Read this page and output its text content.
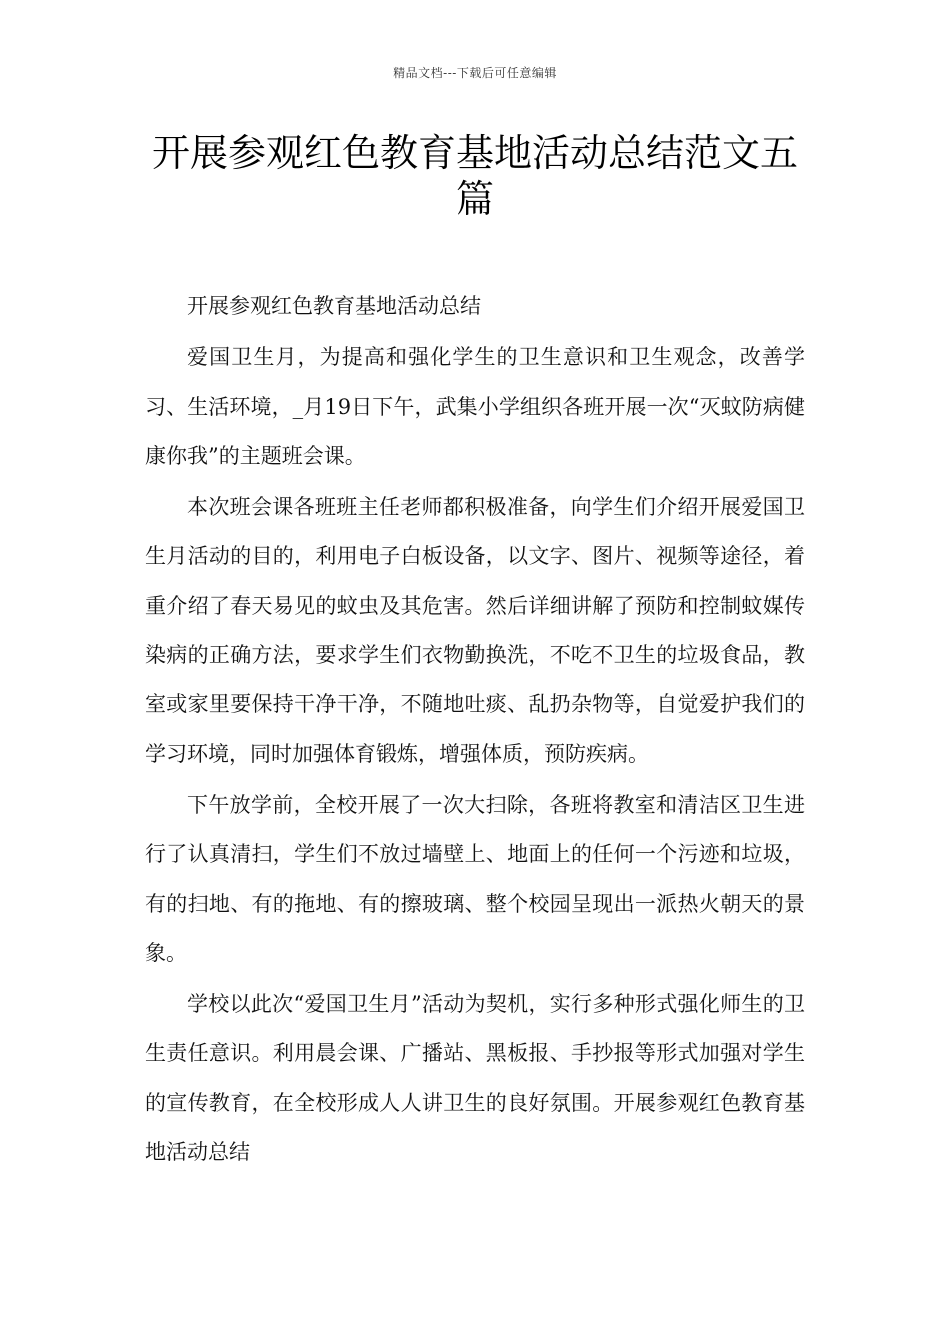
精品文档---下载后可任意编辑
开展参观红色教育基地活动总结范文五篇

开展参观红色教育基地活动总结

爱国卫生月，为提高和强化学生的卫生意识和卫生观念，改善学习、生活环境，_月19日下午，武集小学组织各班开展一次“灭蚊防病健康你我”的主题班会课。

本次班会课各班班主任老师都积极准备，向学生们介绍开展爱国卫生月活动的目的，利用电子白板设备，以文字、图片、视频等途径，着重介绍了春天易见的蚊虫及其危害。然后详细讲解了预防和控制蚊媒传染病的正确方法，要求学生们衣物勤换洗，不吃不卫生的垃圾食品，教室或家里要保持干净干净，不随地吐痰、乱扔杂物等，自觉爱护我们的学习环境，同时加强体育锻炼，增强体质，预防疾病。

下午放学前，全校开展了一次大扫除，各班将教室和清洁区卫生进行了认真清扫，学生们不放过墙壁上、地面上的任何一个污迹和垃圾，有的扫地、有的拖地、有的擦玻璃、整个校园呈现出一派热火朝天的景象。

学校以此次“爱国卫生月”活动为契机，实行多种形式强化师生的卫生责任意识。利用晨会课、广播站、黑板报、手抄报等形式加强对学生的宣传教育，在全校形成人人讲卫生的良好氛围。开展参观红色教育基地活动总结
